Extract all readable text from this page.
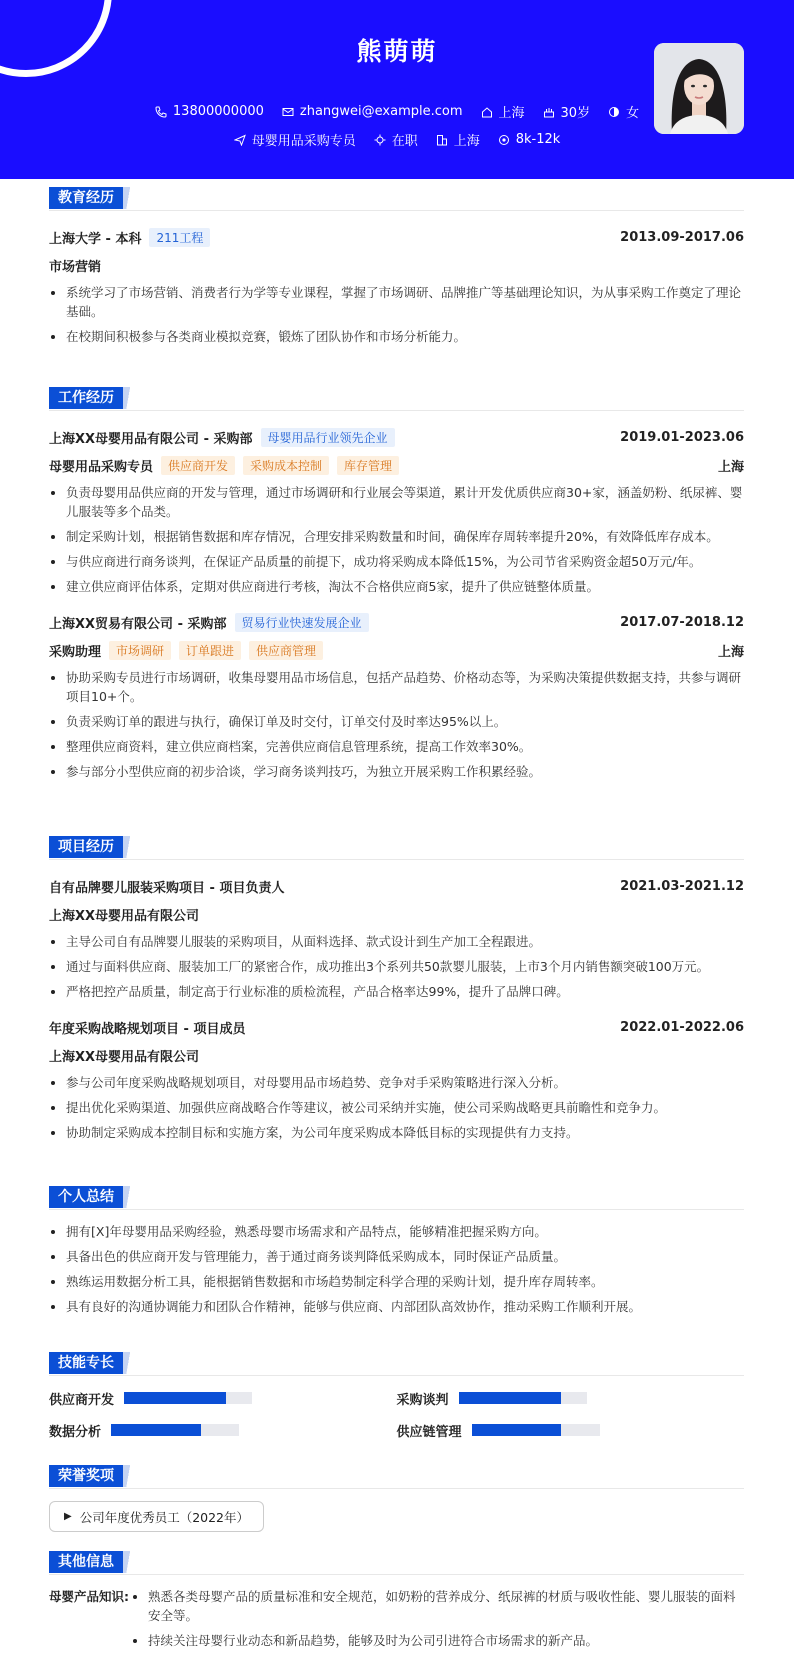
熊萌萌
13800000000	zhangwei@example.com	上海	30岁	女
母婴用品采购专员	在职	上海	8k-12k
教育经历
上海大学 - 本科	211工程	2013.09-2017.06
市场营销
系统学习了市场营销、消费者行为学等专业课程，掌握了市场调研、品牌推广等基础理论知识，为从事采购工作奠定了理论基础。
在校期间积极参与各类商业模拟竞赛，锻炼了团队协作和市场分析能力。
工作经历
上海XX母婴用品有限公司 - 采购部	母婴用品行业领先企业	2019.01-2023.06
母婴用品采购专员	供应商开发	采购成本控制	库存管理	上海
负责母婴用品供应商的开发与管理，通过市场调研和行业展会等渠道，累计开发优质供应商30+家，涵盖奶粉、纸尿裤、婴儿服装等多个品类。
制定采购计划，根据销售数据和库存情况，合理安排采购数量和时间，确保库存周转率提升20%，有效降低库存成本。
与供应商进行商务谈判，在保证产品质量的前提下，成功将采购成本降低15%，为公司节省采购资金超50万元/年。
建立供应商评估体系，定期对供应商进行考核，淘汰不合格供应商5家，提升了供应链整体质量。
上海XX贸易有限公司 - 采购部	贸易行业快速发展企业	2017.07-2018.12
采购助理	市场调研	订单跟进	供应商管理	上海
协助采购专员进行市场调研，收集母婴用品市场信息，包括产品趋势、价格动态等，为采购决策提供数据支持，共参与调研项目10+个。
负责采购订单的跟进与执行，确保订单及时交付，订单交付及时率达95%以上。
整理供应商资料，建立供应商档案，完善供应商信息管理系统，提高工作效率30%。
参与部分小型供应商的初步洽谈，学习商务谈判技巧，为独立开展采购工作积累经验。
项目经历
自有品牌婴儿服装采购项目 - 项目负责人	2021.03-2021.12
上海XX母婴用品有限公司
主导公司自有品牌婴儿服装的采购项目，从面料选择、款式设计到生产加工全程跟进。
通过与面料供应商、服装加工厂的紧密合作，成功推出3个系列共50款婴儿服装，上市3个月内销售额突破100万元。
严格把控产品质量，制定高于行业标准的质检流程，产品合格率达99%，提升了品牌口碑。
年度采购战略规划项目 - 项目成员	2022.01-2022.06
上海XX母婴用品有限公司
参与公司年度采购战略规划项目，对母婴用品市场趋势、竞争对手采购策略进行深入分析。
提出优化采购渠道、加强供应商战略合作等建议，被公司采纳并实施，使公司采购战略更具前瞻性和竞争力。
协助制定采购成本控制目标和实施方案，为公司年度采购成本降低目标的实现提供有力支持。
个人总结
拥有[X]年母婴用品采购经验，熟悉母婴市场需求和产品特点，能够精准把握采购方向。
具备出色的供应商开发与管理能力，善于通过商务谈判降低采购成本，同时保证产品质量。
熟练运用数据分析工具，能根据销售数据和市场趋势制定科学合理的采购计划，提升库存周转率。
具有良好的沟通协调能力和团队合作精神，能够与供应商、内部团队高效协作，推动采购工作顺利开展。
技能专长
供应商开发	采购谈判
数据分析	供应链管理
荣誉奖项
▶ 公司年度优秀员工（2022年）
其他信息
母婴产品知识:	熟悉各类母婴产品的质量标准和安全规范，如奶粉的营养成分、纸尿裤的材质与吸收性能、婴儿服装的面料安全等。
持续关注母婴行业动态和新品趋势，能够及时为公司引进符合市场需求的新产品。
